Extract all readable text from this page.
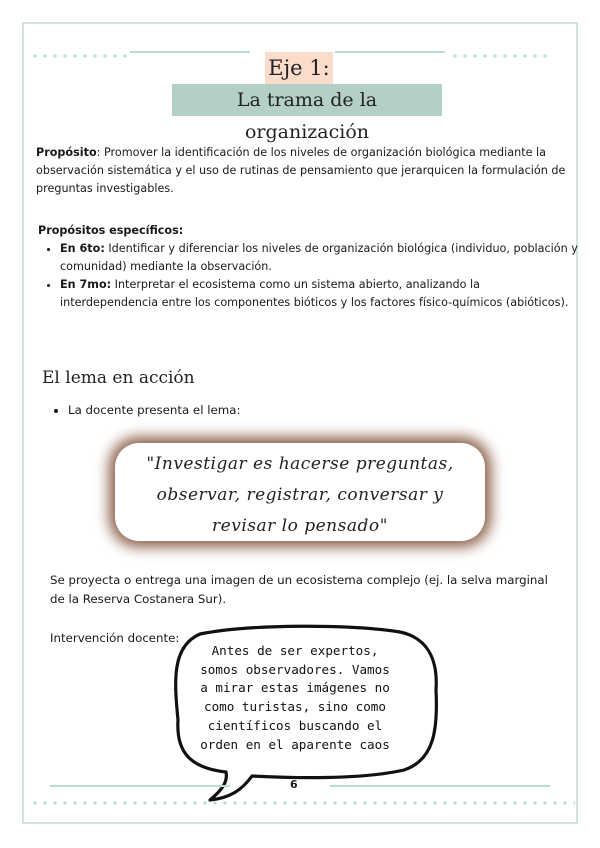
Eje 1:
La trama de la organización
Propósito: Promover la identificación de los niveles de organización biológica mediante la observación sistemática y el uso de rutinas de pensamiento que jerarquicen la formulación de preguntas investigables.
Propósitos específicos:
• En 6to: Identificar y diferenciar los niveles de organización biológica (individuo, población y comunidad) mediante la observación.
• En 7mo: Interpretar el ecosistema como un sistema abierto, analizando la interdependencia entre los componentes bióticos y los factores físico-químicos (abióticos).
El lema en acción
• La docente presenta el lema:
"Investigar es hacerse preguntas,
observar, registrar, conversar y
revisar lo pensado"
Se proyecta o entrega una imagen de un ecosistema complejo (ej. la selva marginal de la Reserva Costanera Sur).
Intervención docente:
Antes de ser expertos,
somos observadores. Vamos
a mirar estas imágenes no
como turistas, sino como
científicos buscando el
orden en el aparente caos
6
